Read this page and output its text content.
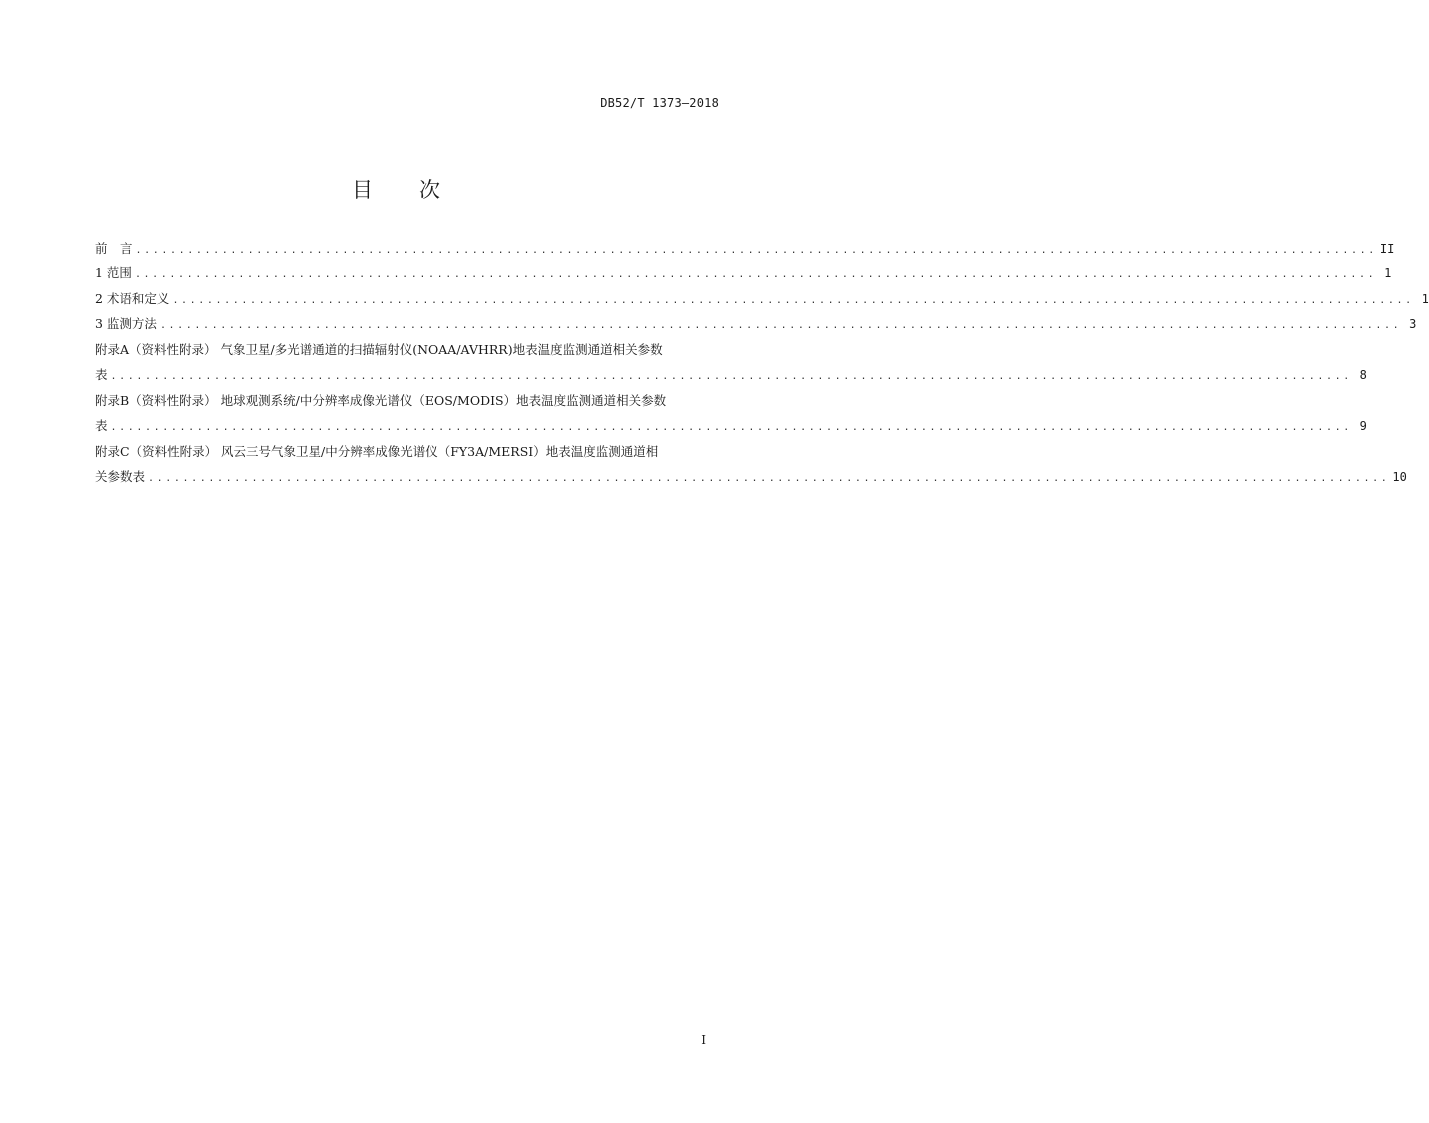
DB52/T 1373—2018
目 次
前　言 ................................................................................................................................................ II
1 范围 ................................................................................................................................................ 1
2 术语和定义 ................................................................................................................................................ 1
3 监测方法 ................................................................................................................................................ 3
附录A（资料性附录） 气象卫星/多光谱通道的扫描辐射仪(NOAA/AVHRR)地表温度监测通道相关参数
表 ................................................................................................................................................ 8
附录B（资料性附录） 地球观测系统/中分辨率成像光谱仪（EOS/MODIS）地表温度监测通道相关参数
表 ................................................................................................................................................ 9
附录C（资料性附录） 风云三号气象卫星/中分辨率成像光谱仪（FY3A/MERSI）地表温度监测通道相
关参数表 ................................................................................................................................................ 10
I
